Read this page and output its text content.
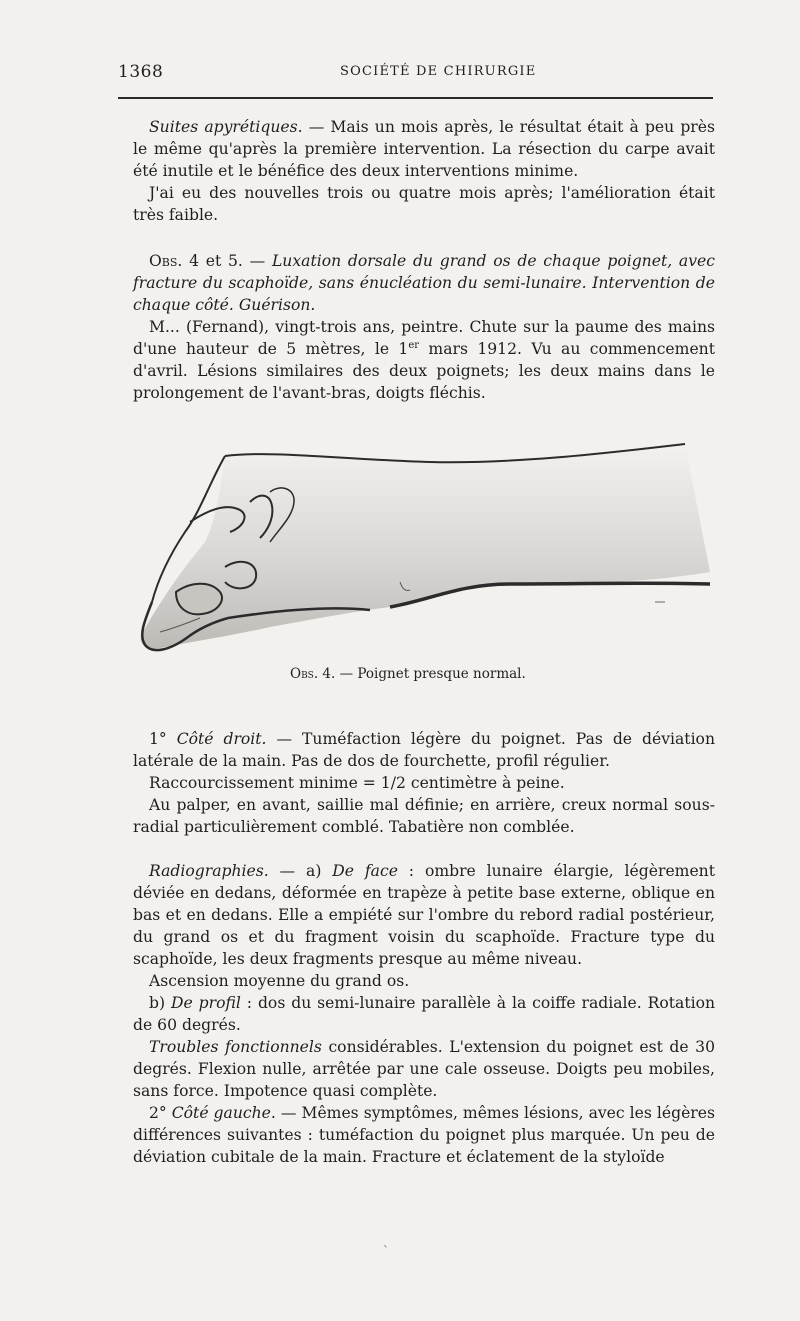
1368	SOCIÉTÉ DE CHIRURGIE
Suites apyrétiques. — Mais un mois après, le résultat était à peu près le même qu'après la première intervention. La résection du carpe avait été inutile et le bénéfice des deux interventions minime.
J'ai eu des nouvelles trois ou quatre mois après; l'amélioration était très faible.
Obs. 4 et 5. — Luxation dorsale du grand os de chaque poignet, avec fracture du scaphoïde, sans énucléation du semi-lunaire. Intervention de chaque côté. Guérison.
M... (Fernand), vingt-trois ans, peintre. Chute sur la paume des mains d'une hauteur de 5 mètres, le 1er mars 1912. Vu au commencement d'avril. Lésions similaires des deux poignets; les deux mains dans le prolongement de l'avant-bras, doigts fléchis.
Obs. 4. — Poignet presque normal.
1° Côté droit. — Tuméfaction légère du poignet. Pas de déviation latérale de la main. Pas de dos de fourchette, profil régulier.
Raccourcissement minime = 1/2 centimètre à peine.
Au palper, en avant, saillie mal définie; en arrière, creux normal sous-radial particulièrement comblé. Tabatière non comblée.
Radiographies. — a) De face : ombre lunaire élargie, légèrement déviée en dedans, déformée en trapèze à petite base externe, oblique en bas et en dedans. Elle a empiété sur l'ombre du rebord radial postérieur, du grand os et du fragment voisin du scaphoïde. Fracture type du scaphoïde, les deux fragments presque au même niveau.
Ascension moyenne du grand os.
b) De profil : dos du semi-lunaire parallèle à la coiffe radiale. Rotation de 60 degrés.
Troubles fonctionnels considérables. L'extension du poignet est de 30 degrés. Flexion nulle, arrêtée par une cale osseuse. Doigts peu mobiles, sans force. Impotence quasi complète.
2° Côté gauche. — Mêmes symptômes, mêmes lésions, avec les légères différences suivantes : tuméfaction du poignet plus marquée. Un peu de déviation cubitale de la main. Fracture et éclatement de la styloïde
ˋ
